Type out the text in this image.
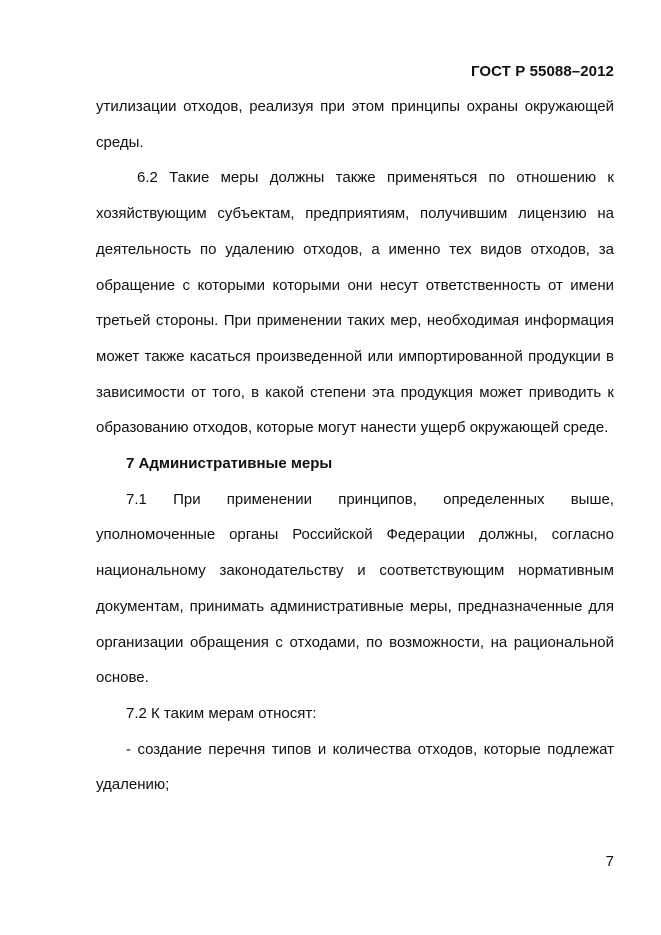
ГОСТ Р 55088–2012

утилизации отходов, реализуя при этом принципы охраны окружающей среды.

6.2 Такие меры должны также применяться по отношению к хозяйствующим субъектам, предприятиям, получившим лицензию на деятельность по удалению отходов, а именно тех видов отходов, за обращение с которыми которыми они несут ответственность от имени третьей стороны. При применении таких мер, необходимая информация может также касаться произведенной или импортированной продукции в зависимости от того, в какой степени эта продукция может приводить к образованию отходов, которые могут нанести ущерб окружающей среде.

7 Административные меры

7.1 При применении принципов, определенных выше, уполномоченные органы Российской Федерации должны, согласно национальному законодательству и соответствующим нормативным документам, принимать административные меры, предназначенные для организации обращения с отходами, по возможности, на рациональной основе.

7.2 К таким мерам относят:

- создание перечня типов и количества отходов, которые подлежат удалению;

7
